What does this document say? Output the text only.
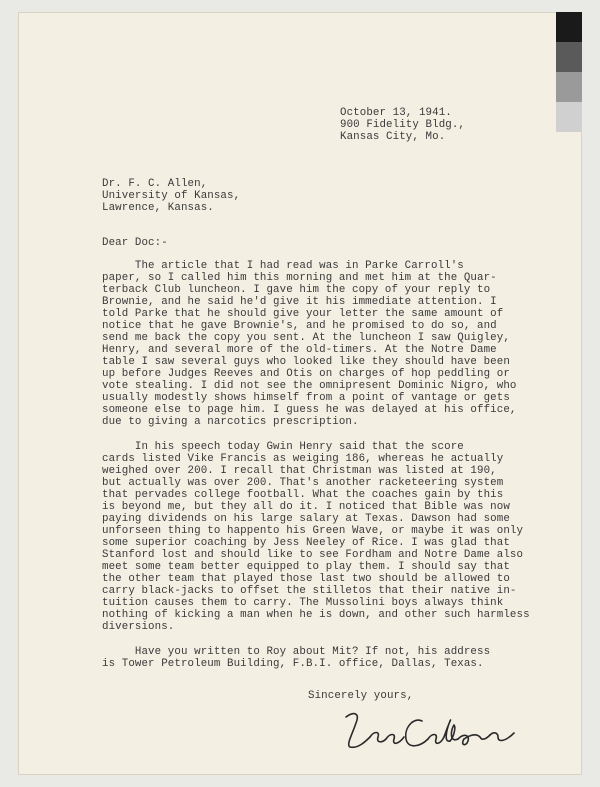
October 13, 1941.
900 Fidelity Bldg.,
Kansas City, Mo.
Dr. F. C. Allen,
University of Kansas,
Lawrence, Kansas.
Dear Doc:-
The article that I had read was in Parke Carroll's
paper, so I called him this morning and met him at the Quar-
terback Club luncheon. I gave him the copy of your reply to
Brownie, and he said he'd give it his immediate attention. I
told Parke that he should give your letter the same amount of
notice that he gave Brownie's, and he promised to do so, and
send me back the copy you sent. At the luncheon I saw Quigley,
Henry, and several more of the old-timers. At the Notre Dame
table I saw several guys who looked like they should have been
up before Judges Reeves and Otis on charges of hop peddling or
vote stealing. I did not see the omnipresent Dominic Nigro, who
usually modestly shows himself from a point of vantage or gets
someone else to page him. I guess he was delayed at his office,
due to giving a narcotics prescription.
In his speech today Gwin Henry said that the score
cards listed Vike Francis as weiging 186, whereas he actually
weighed over 200. I recall that Christman was listed at 190,
but actually was over 200. That's another racketeering system
that pervades college football. What the coaches gain by this
is beyond me, but they all do it. I noticed that Bible was now
paying dividends on his large salary at Texas. Dawson had some
unforseen thing to happento his Green Wave, or maybe it was only
some superior coaching by Jess Neeley of Rice. I was glad that
Stanford lost and should like to see Fordham and Notre Dame also
meet some team better equipped to play them. I should say that
the other team that played those last two should be allowed to
carry black-jacks to offset the stilletos that their native in-
tuition causes them to carry. The Mussolini boys always think
nothing of kicking a man when he is down, and other such harmless
diversions.
Have you written to Roy about Mit? If not, his address
is Tower Petroleum Building, F.B.I. office, Dallas, Texas.
Sincerely yours,
